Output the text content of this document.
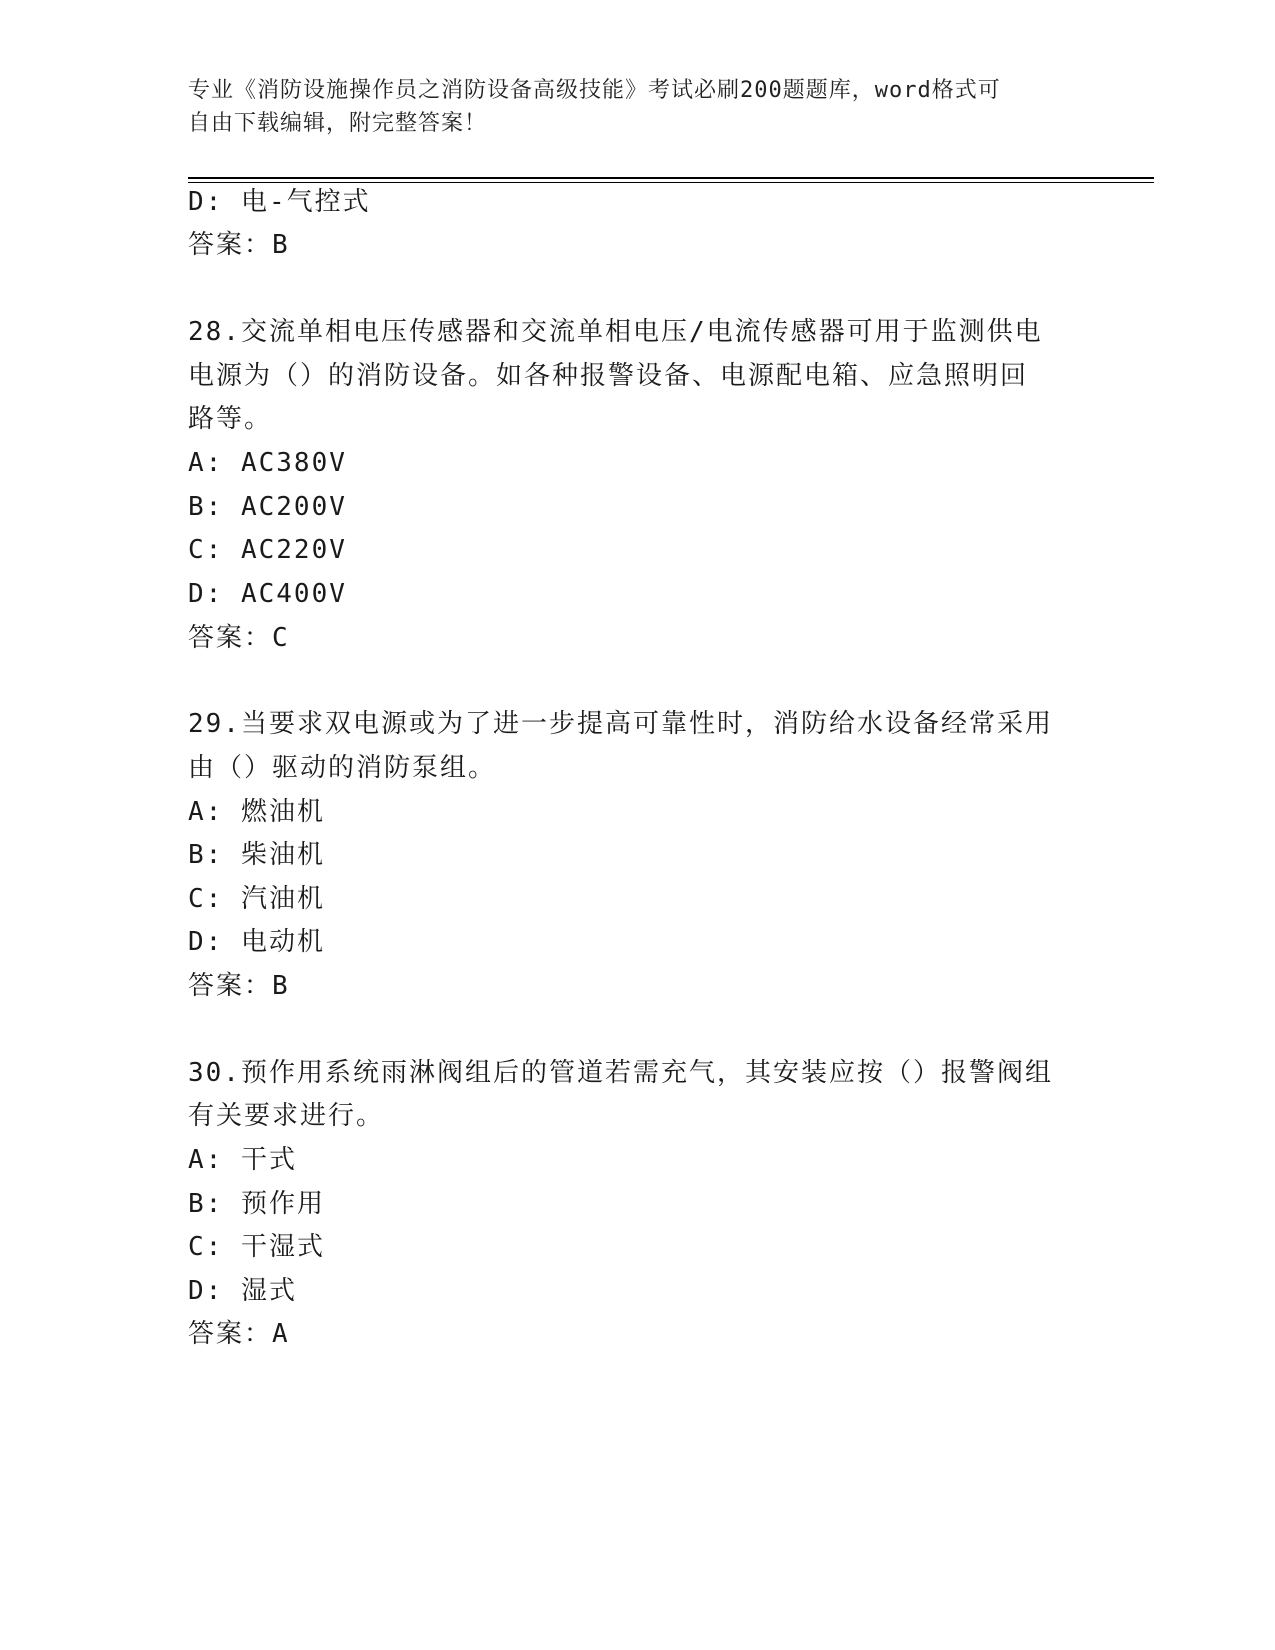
专业《消防设施操作员之消防设备高级技能》考试必刷200题题库，word格式可
自由下载编辑，附完整答案！
D: 电-气控式
答案：B
28.交流单相电压传感器和交流单相电压/电流传感器可用于监测供电
电源为（）的消防设备。如各种报警设备、电源配电箱、应急照明回
路等。
A: AC380V
B: AC200V
C: AC220V
D: AC400V
答案：C
29.当要求双电源或为了进一步提高可靠性时，消防给水设备经常采用
由（）驱动的消防泵组。
A: 燃油机
B: 柴油机
C: 汽油机
D: 电动机
答案：B
30.预作用系统雨淋阀组后的管道若需充气，其安装应按（）报警阀组
有关要求进行。
A: 干式
B: 预作用
C: 干湿式
D: 湿式
答案：A
